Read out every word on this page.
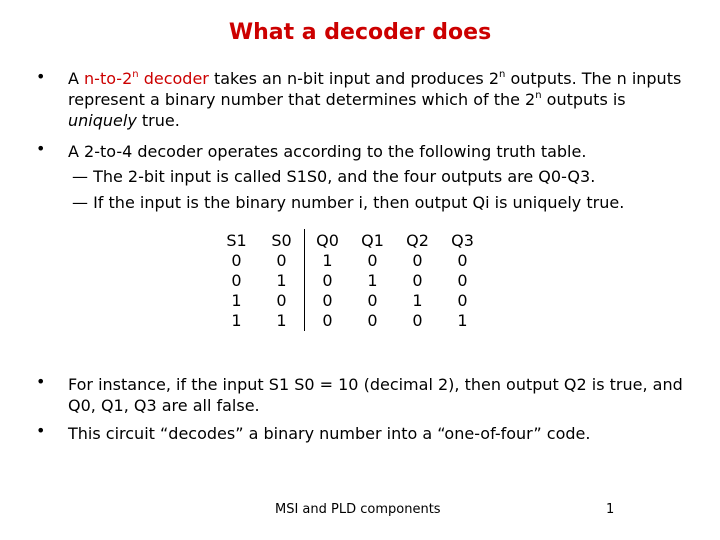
What a decoder does
• A n-to-2$^n$ decoder takes an n-bit input and produces 2$^n$ outputs. The n inputs represent a binary number that determines which of the 2$^n$ outputs is uniquely true.
• A 2-to-4 decoder operates according to the following truth table.
— The 2-bit input is called S1S0, and the four outputs are Q0-Q3.
— If the input is the binary number i, then output Qi is uniquely true.
S1	S0	Q0	Q1	Q2	Q3
0	0	1	0	0	0
0	1	0	1	0	0
1	0	0	0	1	0
1	1	0	0	0	1
• For instance, if the input S1 S0 = 10 (decimal 2), then output Q2 is true, and Q0, Q1, Q3 are all false.
• This circuit “decodes” a binary number into a “one-of-four” code.
MSI and PLD components	1
